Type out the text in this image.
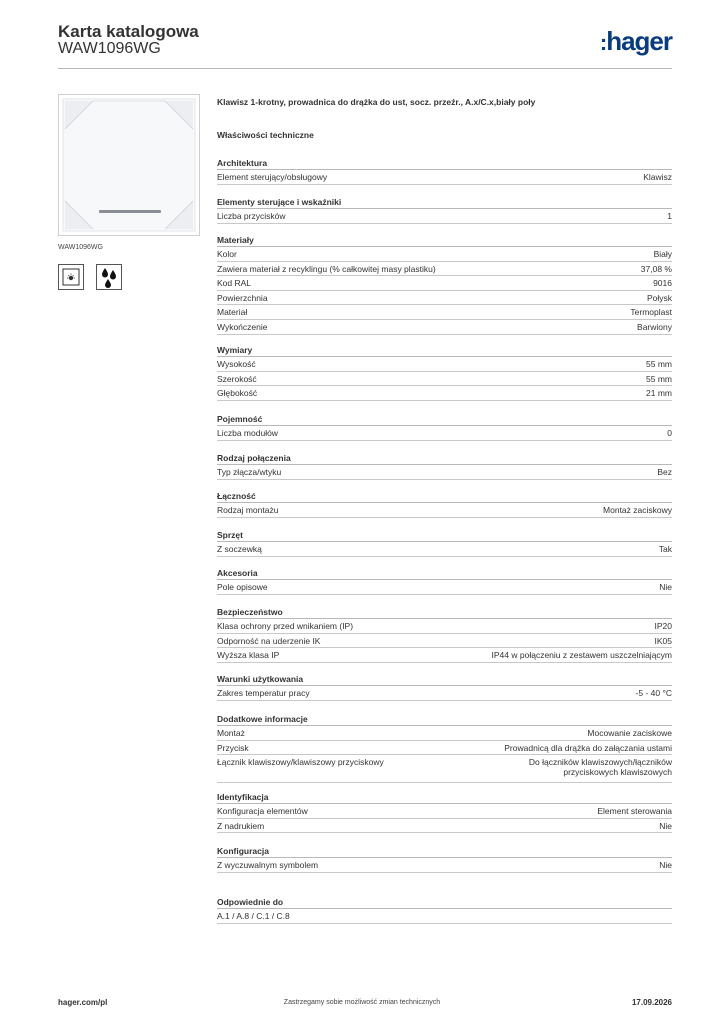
Karta katalogowa
WAW1096WG	:hager
WAW1096WG
Klawisz 1-krotny, prowadnica do drążka do ust, socz. przeźr., A.x/C.x,biały poły
Właściwości techniczne
Architektura
Element sterujący/obsługowy	Klawisz
Elementy sterujące i wskaźniki
Liczba przycisków	1
Materiały
Kolor	Biały
Zawiera materiał z recyklingu (% całkowitej masy plastiku)	37,08 %
Kod RAL	9016
Powierzchnia	Połysk
Materiał	Termoplast
Wykończenie	Barwiony
Wymiary
Wysokość	55 mm
Szerokość	55 mm
Głębokość	21 mm
Pojemność
Liczba modułów	0
Rodzaj połączenia
Typ złącza/wtyku	Bez
Łączność
Rodzaj montażu	Montaż zaciskowy
Sprzęt
Z soczewką	Tak
Akcesoria
Pole opisowe	Nie
Bezpieczeństwo
Klasa ochrony przed wnikaniem (IP)	IP20
Odporność na uderzenie IK	IK05
Wyższa klasa IP	IP44 w połączeniu z zestawem uszczelniającym
Warunki użytkowania
Zakres temperatur pracy	-5 - 40 °C
Dodatkowe informacje
Montaż	Mocowanie zaciskowe
Przycisk	Prowadnicą dla drążka do załączania ustami
Łącznik klawiszowy/klawiszowy przyciskowy	Do łączników klawiszowych/łączników przyciskowych klawiszowych
Identyfikacja
Konfiguracja elementów	Element sterowania
Z nadrukiem	Nie
Konfiguracja
Z wyczuwalnym symbolem	Nie
Odpowiednie do
A.1 / A.8 / C.1 / C.8
hager.com/pl	Zastrzegamy sobie możliwość zmian technicznych	17.09.2026
